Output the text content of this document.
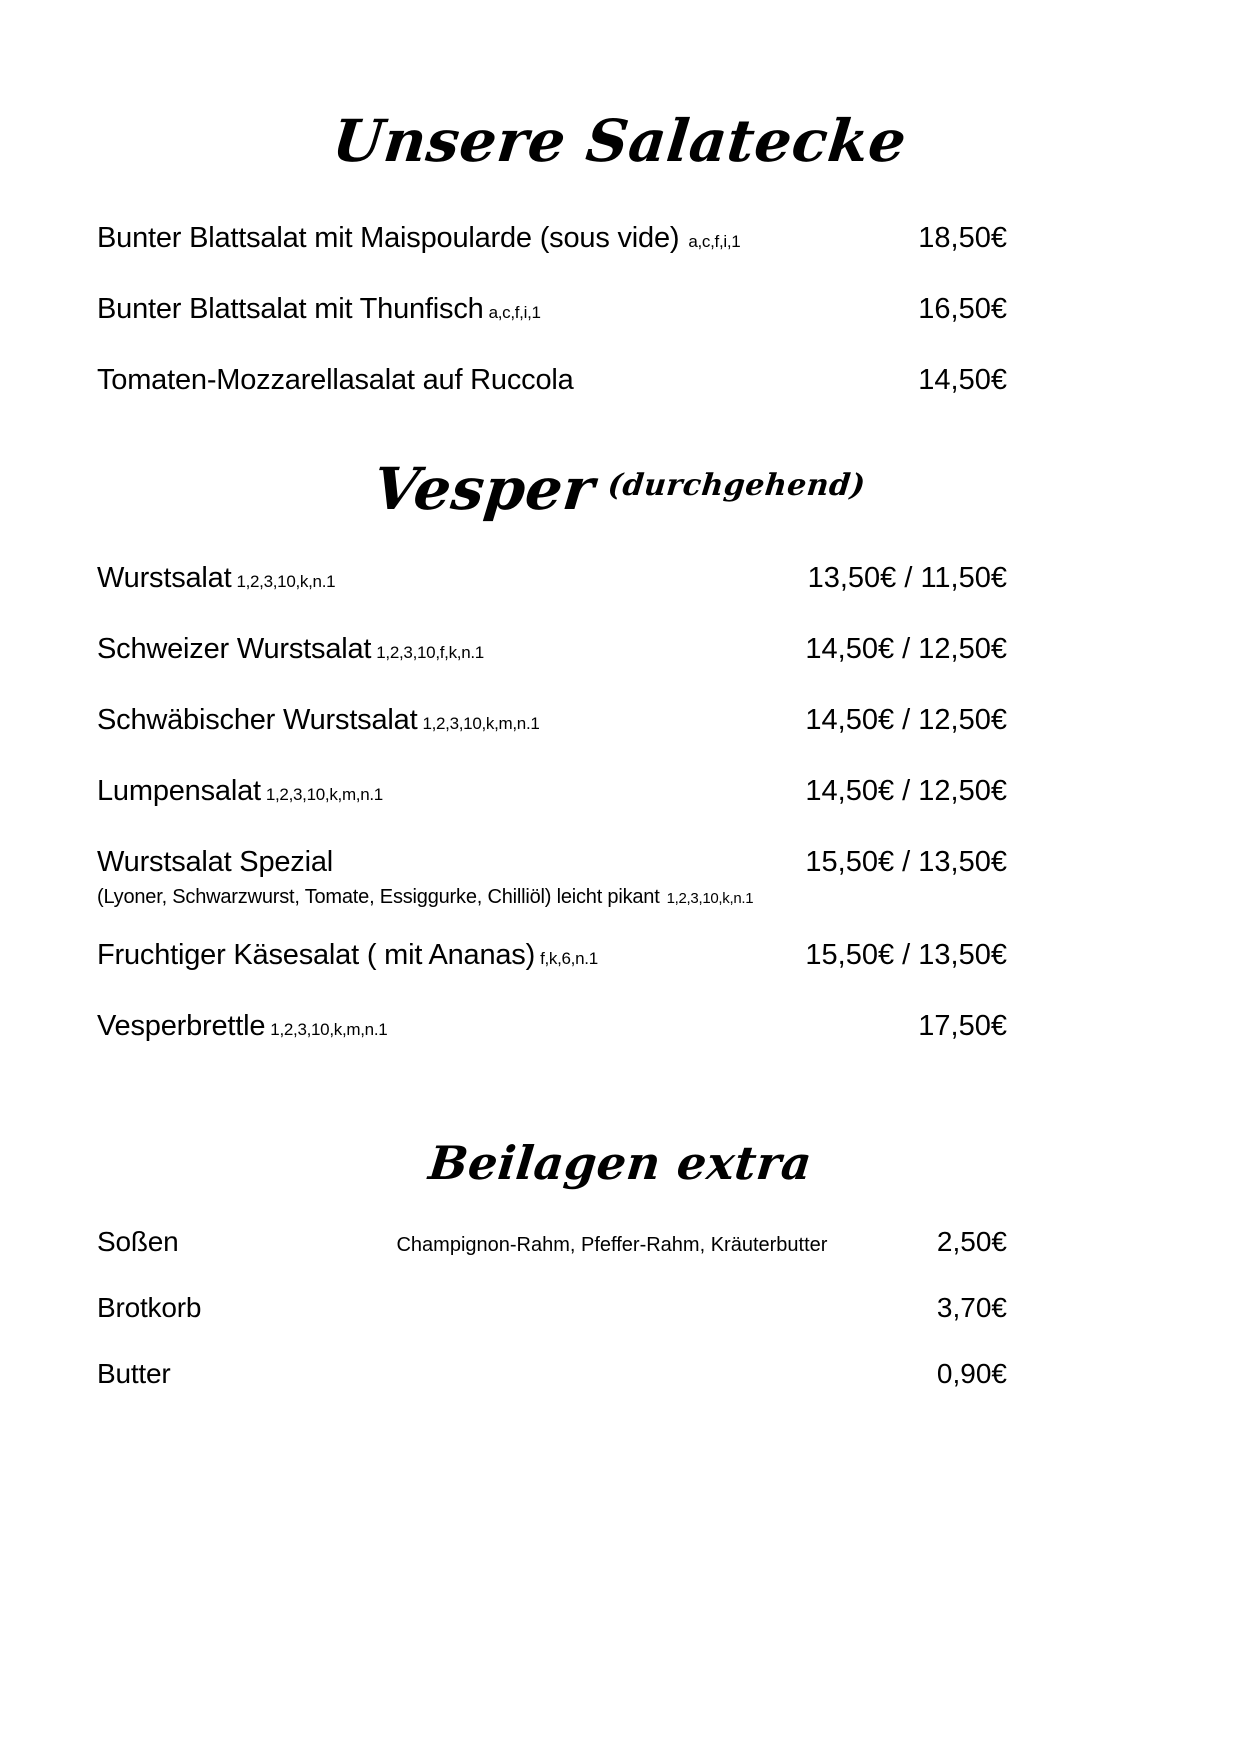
Unsere Salatecke
Bunter Blattsalat mit Maispoularde (sous vide) a,c,f,i,1	18,50€
Bunter Blattsalat mit Thunfisch a,c,f,i,1	16,50€
Tomaten-Mozzarellasalat auf Ruccola	14,50€
Vesper (durchgehend)
Wurstsalat 1,2,3,10,k,n.1	13,50€ / 11,50€
Schweizer Wurstsalat 1,2,3,10,f,k,n.1	14,50€ / 12,50€
Schwäbischer Wurstsalat 1,2,3,10,k,m,n.1	14,50€ / 12,50€
Lumpensalat 1,2,3,10,k,m,n.1	14,50€ / 12,50€
Wurstsalat Spezial	15,50€ / 13,50€
(Lyoner, Schwarzwurst, Tomate, Essiggurke, Chilliöl) leicht pikant 1,2,3,10,k,n.1
Fruchtiger Käsesalat ( mit Ananas) f,k,6,n.1	15,50€ / 13,50€
Vesperbrettle 1,2,3,10,k,m,n.1	17,50€
Beilagen extra
Soßen	Champignon-Rahm, Pfeffer-Rahm, Kräuterbutter	2,50€
Brotkorb	3,70€
Butter	0,90€
